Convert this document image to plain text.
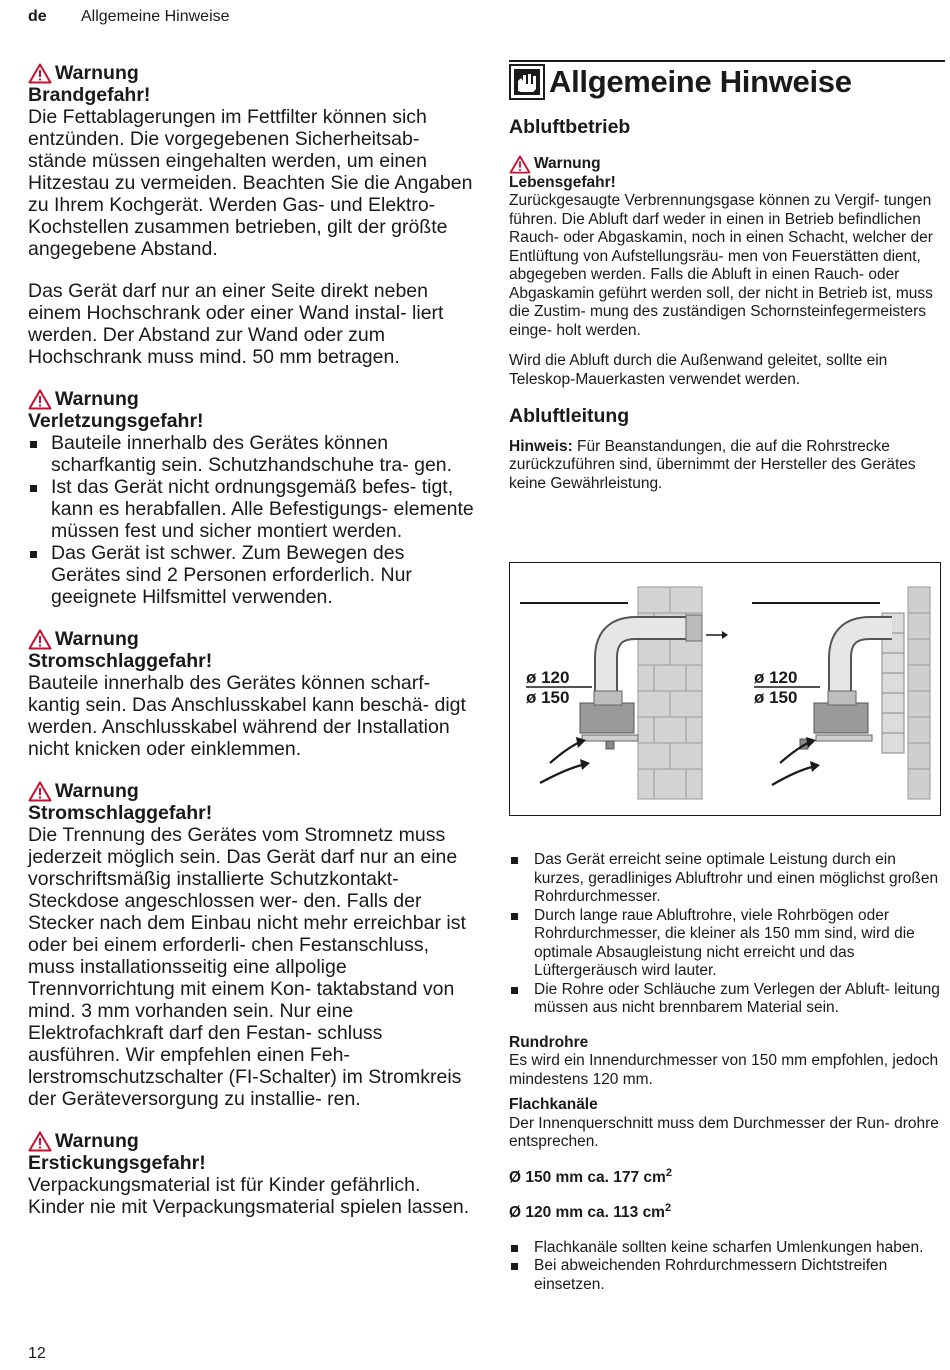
de Allgemeine Hinweise
Warnung
Brandgefahr!
Die Fettablagerungen im Fettfilter können sich entzünden. Die vorgegebenen Sicherheitsab- stände müssen eingehalten werden, um einen Hitzestau zu vermeiden. Beachten Sie die Angaben zu Ihrem Kochgerät. Werden Gas- und Elektro-Kochstellen zusammen betrieben, gilt der größte angegebene Abstand.
Das Gerät darf nur an einer Seite direkt neben einem Hochschrank oder einer Wand instal- liert werden. Der Abstand zur Wand oder zum Hochschrank muss mind. 50 mm betragen.
Warnung
Verletzungsgefahr!
Bauteile innerhalb des Gerätes können scharfkantig sein. Schutzhandschuhe tra- gen.
Ist das Gerät nicht ordnungsgemäß befes- tigt, kann es herabfallen. Alle Befestigungs- elemente müssen fest und sicher montiert werden.
Das Gerät ist schwer. Zum Bewegen des Gerätes sind 2 Personen erforderlich. Nur geeignete Hilfsmittel verwenden.
Warnung
Stromschlaggefahr!
Bauteile innerhalb des Gerätes können scharf- kantig sein. Das Anschlusskabel kann beschä- digt werden. Anschlusskabel während der Installation nicht knicken oder einklemmen.
Warnung
Stromschlaggefahr!
Die Trennung des Gerätes vom Stromnetz muss jederzeit möglich sein. Das Gerät darf nur an eine vorschriftsmäßig installierte Schutzkontakt-Steckdose angeschlossen wer- den. Falls der Stecker nach dem Einbau nicht mehr erreichbar ist oder bei einem erforderli- chen Festanschluss, muss installationsseitig eine allpolige Trennvorrichtung mit einem Kon- taktabstand von mind. 3 mm vorhanden sein. Nur eine Elektrofachkraft darf den Festan- schluss ausführen. Wir empfehlen einen Feh- lerstromschutzschalter (FI-Schalter) im Stromkreis der Geräteversorgung zu installie- ren.
Warnung
Erstickungsgefahr!
Verpackungsmaterial ist für Kinder gefährlich. Kinder nie mit Verpackungsmaterial spielen lassen.
Allgemeine Hinweise
Abluftbetrieb
Warnung
Lebensgefahr!
Zurückgesaugte Verbrennungsgase können zu Vergif- tungen führen. Die Abluft darf weder in einen in Betrieb befindlichen Rauch- oder Abgaskamin, noch in einen Schacht, welcher der Entlüftung von Aufstellungsräu- men von Feuerstätten dient, abgegeben werden. Falls die Abluft in einen Rauch- oder Abgaskamin geführt werden soll, der nicht in Betrieb ist, muss die Zustim- mung des zuständigen Schornsteinfegermeisters einge- holt werden.
Wird die Abluft durch die Außenwand geleitet, sollte ein Teleskop-Mauerkasten verwendet werden.
Abluftleitung
Hinweis: Für Beanstandungen, die auf die Rohrstrecke zurückzuführen sind, übernimmt der Hersteller des Gerätes keine Gewährleistung.
ø 120
ø 150
ø 120
ø 150
Das Gerät erreicht seine optimale Leistung durch ein kurzes, geradliniges Abluftrohr und einen möglichst großen Rohrdurchmesser.
Durch lange raue Abluftrohre, viele Rohrbögen oder Rohrdurchmesser, die kleiner als 150 mm sind, wird die optimale Absaugleistung nicht erreicht und das Lüftergeräusch wird lauter.
Die Rohre oder Schläuche zum Verlegen der Abluft- leitung müssen aus nicht brennbarem Material sein.
Rundrohre
Es wird ein Innendurchmesser von 150 mm empfohlen, jedoch mindestens 120 mm.
Flachkanäle
Der Innenquerschnitt muss dem Durchmesser der Run- drohre entsprechen.
Ø 150 mm ca. 177 $cm^2$
Ø 120 mm ca. 113 $cm^2$
Flachkanäle sollten keine scharfen Umlenkungen haben.
Bei abweichenden Rohrdurchmessern Dichtstreifen einsetzen.
12
